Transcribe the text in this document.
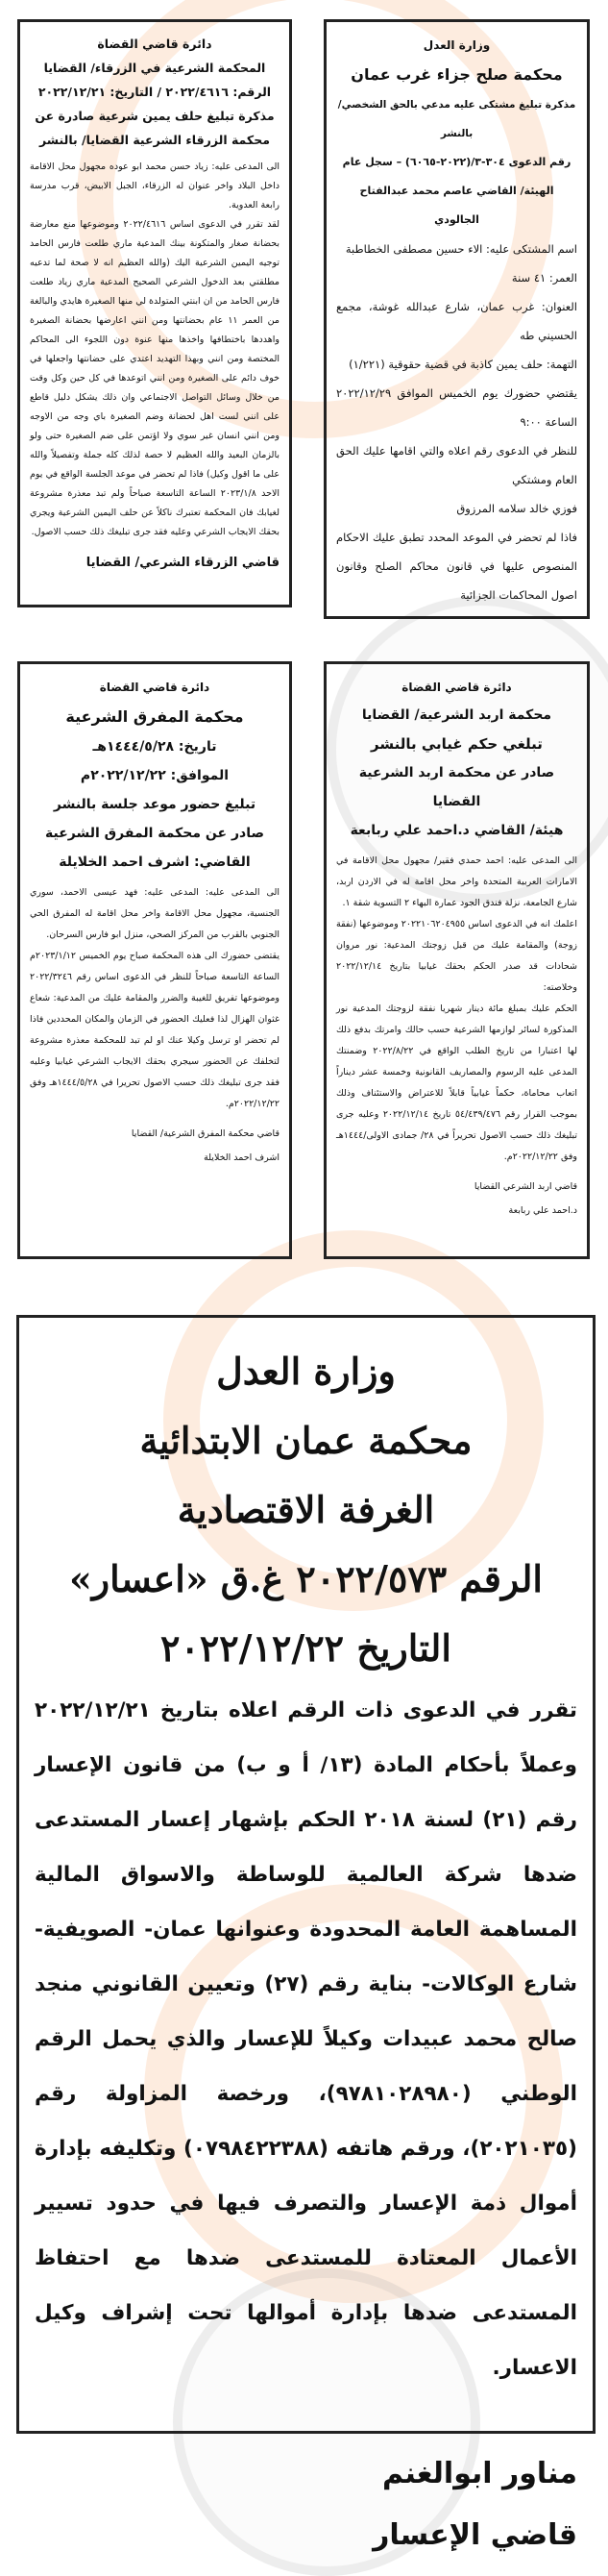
دائرة قاضي القضاة
المحكمة الشرعية في الزرقاء/ القضايا
الرقم: ٢٠٢٢/٤٦١٦ / التاريخ: ٢٠٢٢/١٢/٢١
مذكرة تبليغ حلف يمين شرعية صادرة عن
محكمة الزرقاء الشرعية القضايا/ بالنشر

الى المدعى عليه: زياد حسن محمد ابو عوده مجهول محل الاقامة داخل البلاد واخر عنوان له الزرقاء، الجبل الابيض، قرب مدرسة رابعة العدوية.

لقد تقرر في الدعوى اساس ٢٠٢٢/٤٦١٦ وموضوعها منع معارضة بحضانة صغار والمتكونة بينك المدعية ماري طلعت فارس الحامد توجيه اليمين الشرعية اليك (والله العظيم انه لا صحة لما تدعيه مطلقتي بعد الدخول الشرعي الصحيح المدعية ماري زياد طلعت فارس الحامد من ان ابنتي المتولدة لي منها الصغيرة هايدي والبالغة من العمر ١١ عام بحضانتها ومن انني اعارضها بحضانة الصغيرة واهددها باختطافها واخذها منها عنوة دون اللجوء الى المحاكم المختصة ومن انني وبهذا التهديد اعتدي على حضانتها واجعلها في خوف دائم على الصغيرة ومن انني اتوعدها في كل حين وكل وقت من خلال وسائل التواصل الاجتماعي وان ذلك يشكل دليل قاطع على انني لست اهل لحضانة وضم الصغيرة باي وجه من الاوجه ومن انني انسان غير سوي ولا اؤتمن على ضم الصغيرة حتى ولو بالزمان البعيد والله العظيم لا حصة لذلك كله جملة وتفصيلاً والله على ما اقول وكيل) فاذا لم تحضر في موعد الجلسة الواقع في يوم الاحد ٢٠٢٣/١/٨ الساعة التاسعة صباحاً ولم تبد معذرة مشروعة لغيابك فان المحكمة تعتبرك ناكلاً عن حلف اليمين الشرعية ويجري بحقك الايجاب الشرعي وعليه فقد جرى تبليغك ذلك حسب الاصول.

قاضي الزرقاء الشرعي/ القضايا
وزارة العدل
محكمة صلح جزاء غرب عمان
مذكرة تبليغ مشتكى عليه مدعي بالحق الشخصي/ بالنشر
رقم الدعوى ٣٠٤-٣/(٢٠٢٢-٦٠٦٥) – سجل عام
الهيئة/ القاضي عاصم محمد عبدالفتاح الجالودي

اسم المشتكى عليه: الاء حسين مصطفى الخطاطبة

العمر: ٤١ سنة

العنوان: غرب عمان، شارع عبدالله غوشة، مجمع الحسيني طه

التهمة: حلف يمين كاذبة في قضية حقوقية (١/٢٢١)

يقتضي حضورك يوم الخميس الموافق ٢٠٢٢/١٢/٢٩ الساعة ٩:٠٠

للنظر في الدعوى رقم اعلاه والتي اقامها عليك الحق العام ومشتكي

فوزي خالد سلامه المرزوق

فاذا لم تحضر في الموعد المحدد تطبق عليك الاحكام المنصوص عليها في قانون محاكم الصلح وقانون اصول المحاكمات الجزائية

دائرة قاضي القضاة
محكمة المفرق الشرعية
تاريخ: ١٤٤٤/٥/٢٨هـ
الموافق: ٢٠٢٢/١٢/٢٢م
تبليغ حضور موعد جلسة بالنشر
صادر عن محكمة المفرق الشرعية
القاضي: اشرف احمد الخلايلة

الى المدعى عليه: المدعى عليه: فهد عيسى الاحمد، سوري الجنسية، مجهول محل الاقامة واخر محل اقامة له المفرق الحي الجنوبي بالقرب من المركز الصحي، منزل ابو فارس السرحان.

يقتضى حضورك الى هذه المحكمة صباح يوم الخميس ٢٠٢٣/١/١٢م الساعة التاسعة صباحاً للنظر في الدعوى اساس رقم ٢٠٢٢/٣٢٤٦ وموضوعها تفريق للغيبة والضرر والمقامة عليك من المدعية: شعاع غثوان الهزال لذا فعليك الحضور في الزمان والمكان المحددين فاذا لم تحضر او ترسل وكيلا عنك او لم تبد للمحكمة معذرة مشروعة لتخلفك عن الحضور سيجري بحقك الايجاب الشرعي غيابيا وعليه فقد جرى تبليغك ذلك حسب الاصول تحريرا في ١٤٤٤/٥/٢٨هـ وفق ٢٠٢٢/١٢/٢٢م.

قاضي محكمة المفرق الشرعية/ القضايا
اشرف احمد الخلايلة
دائرة قاضي القضاة
محكمة اربد الشرعية/ القضايا
تبلغي حكم غيابي بالنشر
صادر عن محكمة اربد الشرعية القضايا
هيئة/ القاضي د.احمد علي ربابعة

الى المدعى عليه: احمد حمدي فقير/ مجهول محل الاقامة في الامارات العربية المتحدة واخر محل اقامة له في الاردن اربد، شارع الجامعة، نزلة فندق الجود عمارة البهاء ٢ التسوية شقة ١.

اعلمك انه في الدعوى اساس ٢٠٢٢١٠٦٢٠٤٩٥٥ وموضوعها (نفقة زوجة) والمقامة عليك من قبل زوجتك المدعية: نور مروان شحادات قد صدر الحكم بحقك غيابيا بتاريخ ٢٠٢٢/١٢/١٤ وخلاصته:

الحكم عليك بمبلغ مائة دينار شهريا نفقة لزوجتك المدعية نور المذكورة لسائر لوازمها الشرعية حسب حالك وامرتك بدفع ذلك لها اعتبارا من تاريخ الطلب الواقع في ٢٠٢٢/٨/٢٢ وضمنتك المدعى عليه الرسوم والمصاريف القانونية وخمسة عشر ديناراً اتعاب محاماة، حكماً غيابياً قابلاً للاعتراض والاستئناف وذلك بموجب القرار رقم ٥٤/٤٣٩/٤٧٦ تاريخ ٢٠٢٢/١٢/١٤ وعليه جرى تبليغك ذلك حسب الاصول تحريراً في ٢٨/ جمادى الاولى/١٤٤٤هـ وفق ٢٠٢٢/١٢/٢٢م.

قاضي اربد الشرعي القضايا
د.احمد علي ربابعة
وزارة العدل
محكمة عمان الابتدائية
الغرفة الاقتصادية
الرقم ٢٠٢٢/٥٧٣ غ.ق «اعسار»
التاريخ ٢٠٢٢/١٢/٢٢

تقرر في الدعوى ذات الرقم اعلاه بتاريخ ٢٠٢٢/١٢/٢١ وعملاً بأحكام المادة (١٣/ أ و ب) من قانون الإعسار رقم (٢١) لسنة ٢٠١٨ الحكم بإشهار إعسار المستدعى ضدها شركة العالمية للوساطة والاسواق المالية المساهمة العامة المحدودة وعنوانها عمان- الصويفية- شارع الوكالات- بناية رقم (٢٧) وتعيين القانوني منجد صالح محمد عبيدات وكيلاً للإعسار والذي يحمل الرقم الوطني (٩٧٨١٠٢٨٩٨٠)، ورخصة المزاولة رقم (٢٠٢١٠٣٥)، ورقم هاتفه (٠٧٩٨٤٢٢٣٨٨) وتكليفه بإدارة أموال ذمة الإعسار والتصرف فيها في حدود تسيير الأعمال المعتادة للمستدعى ضدها مع احتفاظ المستدعى ضدها بإدارة أموالها تحت إشراف وكيل الاعسار.

مناور ابوالغنم
قاضي الإعسار
